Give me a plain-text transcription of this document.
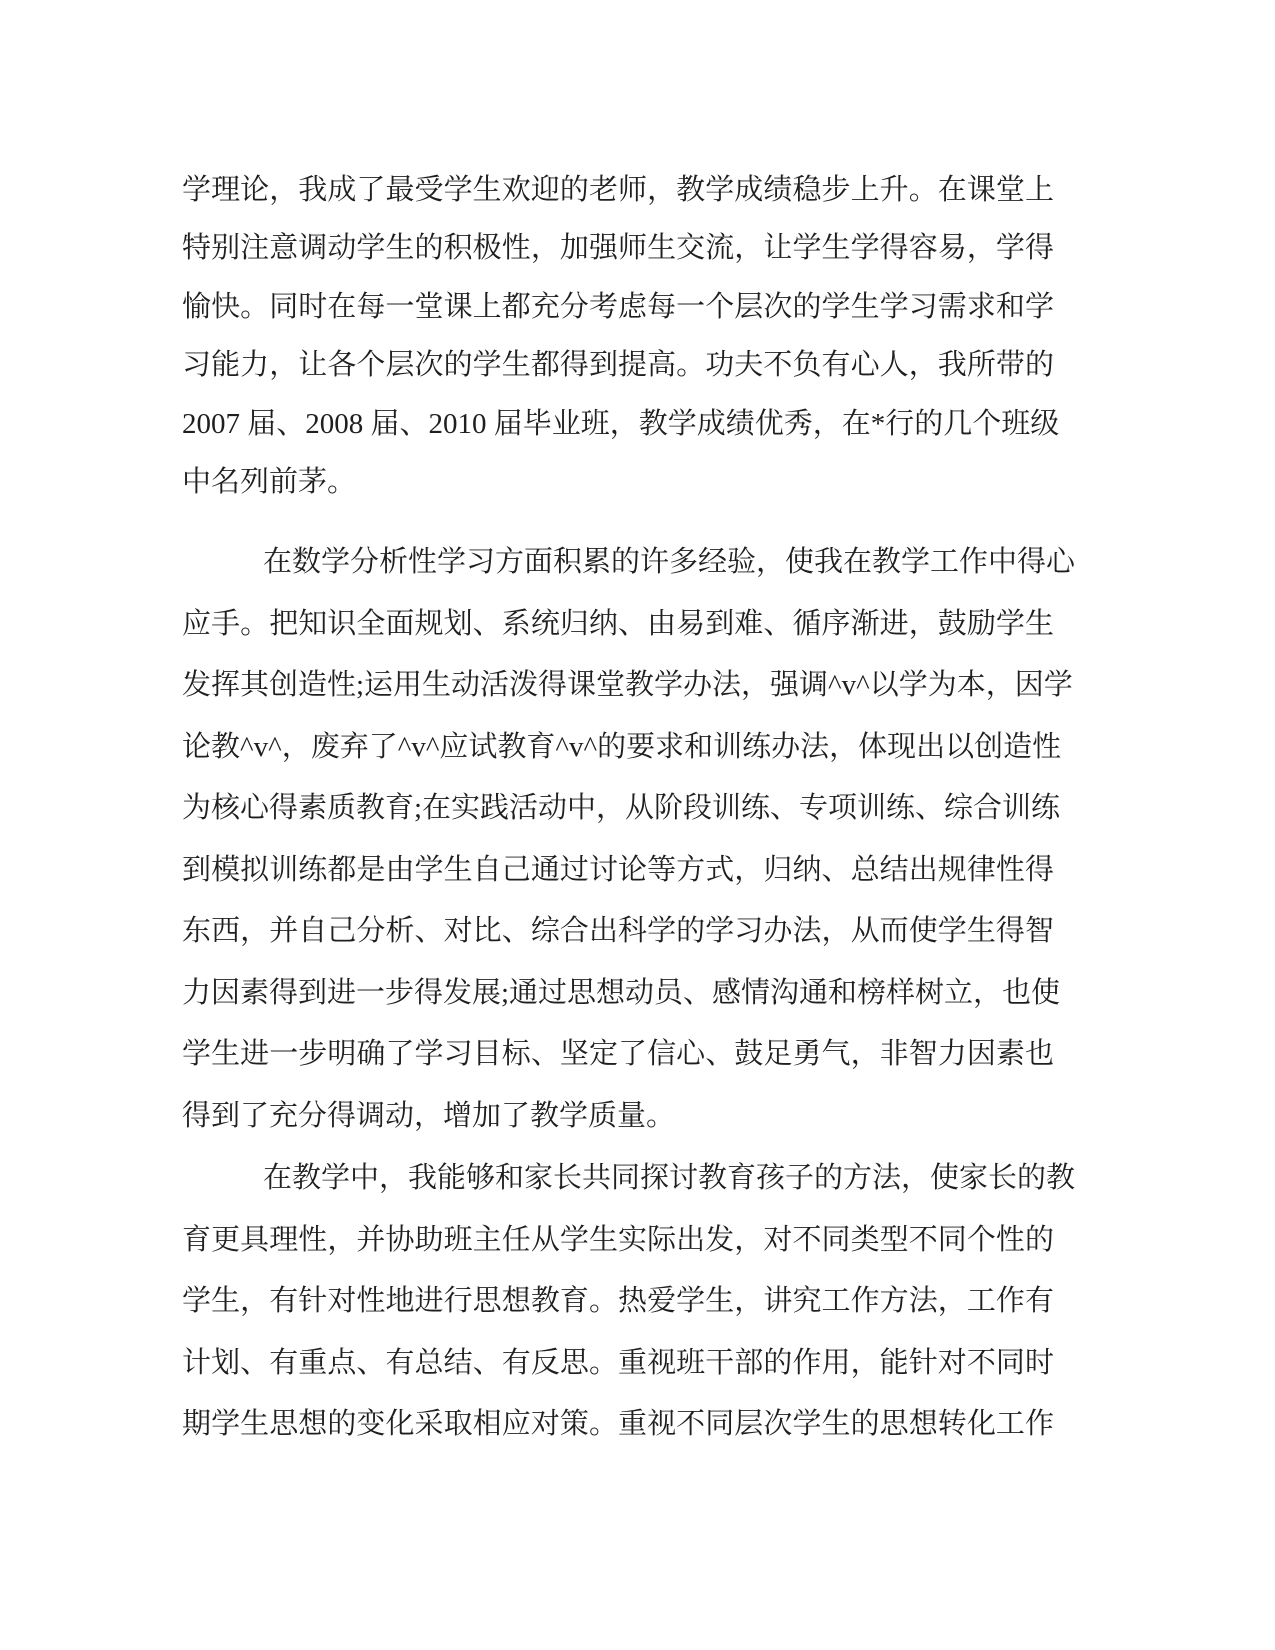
学理论，我成了最受学生欢迎的老师，教学成绩稳步上升。在课堂上
特别注意调动学生的积极性，加强师生交流，让学生学得容易，学得
愉快。同时在每一堂课上都充分考虑每一个层次的学生学习需求和学
习能力，让各个层次的学生都得到提高。功夫不负有心人，我所带的
2007 届、2008 届、2010 届毕业班，教学成绩优秀，在*行的几个班级
中名列前茅。
在数学分析性学习方面积累的许多经验，使我在教学工作中得心
应手。把知识全面规划、系统归纳、由易到难、循序渐进，鼓励学生
发挥其创造性;运用生动活泼得课堂教学办法，强调^v^以学为本，因学
论教^v^，废弃了^v^应试教育^v^的要求和训练办法，体现出以创造性
为核心得素质教育;在实践活动中，从阶段训练、专项训练、综合训练
到模拟训练都是由学生自己通过讨论等方式，归纳、总结出规律性得
东西，并自己分析、对比、综合出科学的学习办法，从而使学生得智
力因素得到进一步得发展;通过思想动员、感情沟通和榜样树立，也使
学生进一步明确了学习目标、坚定了信心、鼓足勇气，非智力因素也
得到了充分得调动，增加了教学质量。
在教学中，我能够和家长共同探讨教育孩子的方法，使家长的教
育更具理性，并协助班主任从学生实际出发，对不同类型不同个性的
学生，有针对性地进行思想教育。热爱学生，讲究工作方法，工作有
计划、有重点、有总结、有反思。重视班干部的作用，能针对不同时
期学生思想的变化采取相应对策。重视不同层次学生的思想转化工作
